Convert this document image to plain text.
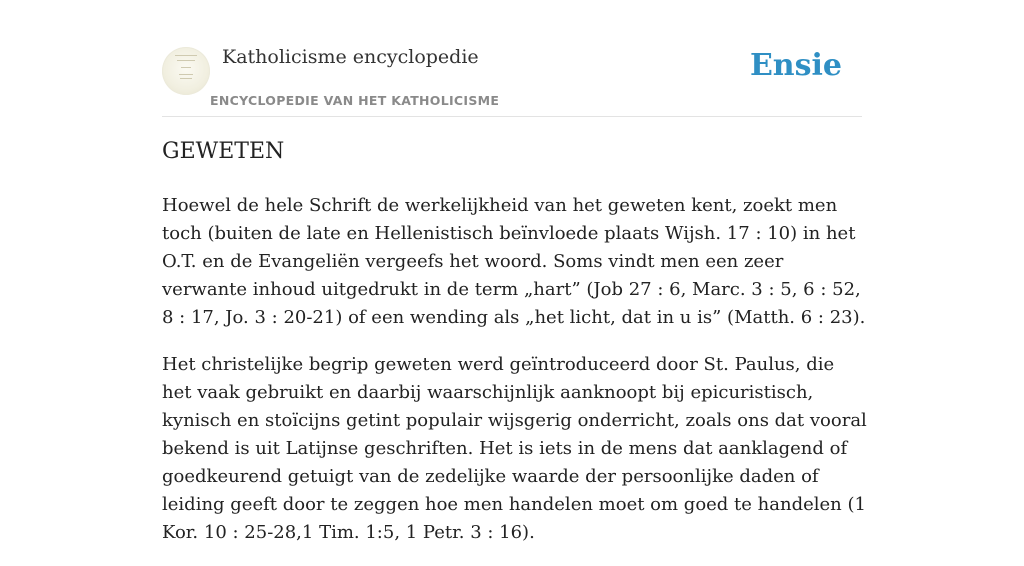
Katholicisme encyclopedie
ENCYCLOPEDIE VAN HET KATHOLICISME
Ensie
GEWETEN

Hoewel de hele Schrift de werkelijkheid van het geweten kent, zoekt men toch (buiten de late en Hellenistisch beïnvloede plaats Wijsh. 17 : 10) in het O.T. en de Evangeliën vergeefs het woord. Soms vindt men een zeer verwante inhoud uitgedrukt in de term „hart” (Job 27 : 6, Marc. 3 : 5, 6 : 52, 8 : 17, Jo. 3 : 20-21) of een wending als „het licht, dat in u is” (Matth. 6 : 23).

Het christelijke begrip geweten werd geïntroduceerd door St. Paulus, die het vaak gebruikt en daarbij waarschijnlijk aanknoopt bij epicuristisch, kynisch en stoïcijns getint populair wijsgerig onderricht, zoals ons dat vooral bekend is uit Latijnse geschriften. Het is iets in de mens dat aanklagend of goedkeurend getuigt van de zedelijke waarde der persoonlijke daden of leiding geeft door te zeggen hoe men handelen moet om goed te handelen (1 Kor. 10 : 25-28,1 Tim. 1:5, 1 Petr. 3 : 16).
